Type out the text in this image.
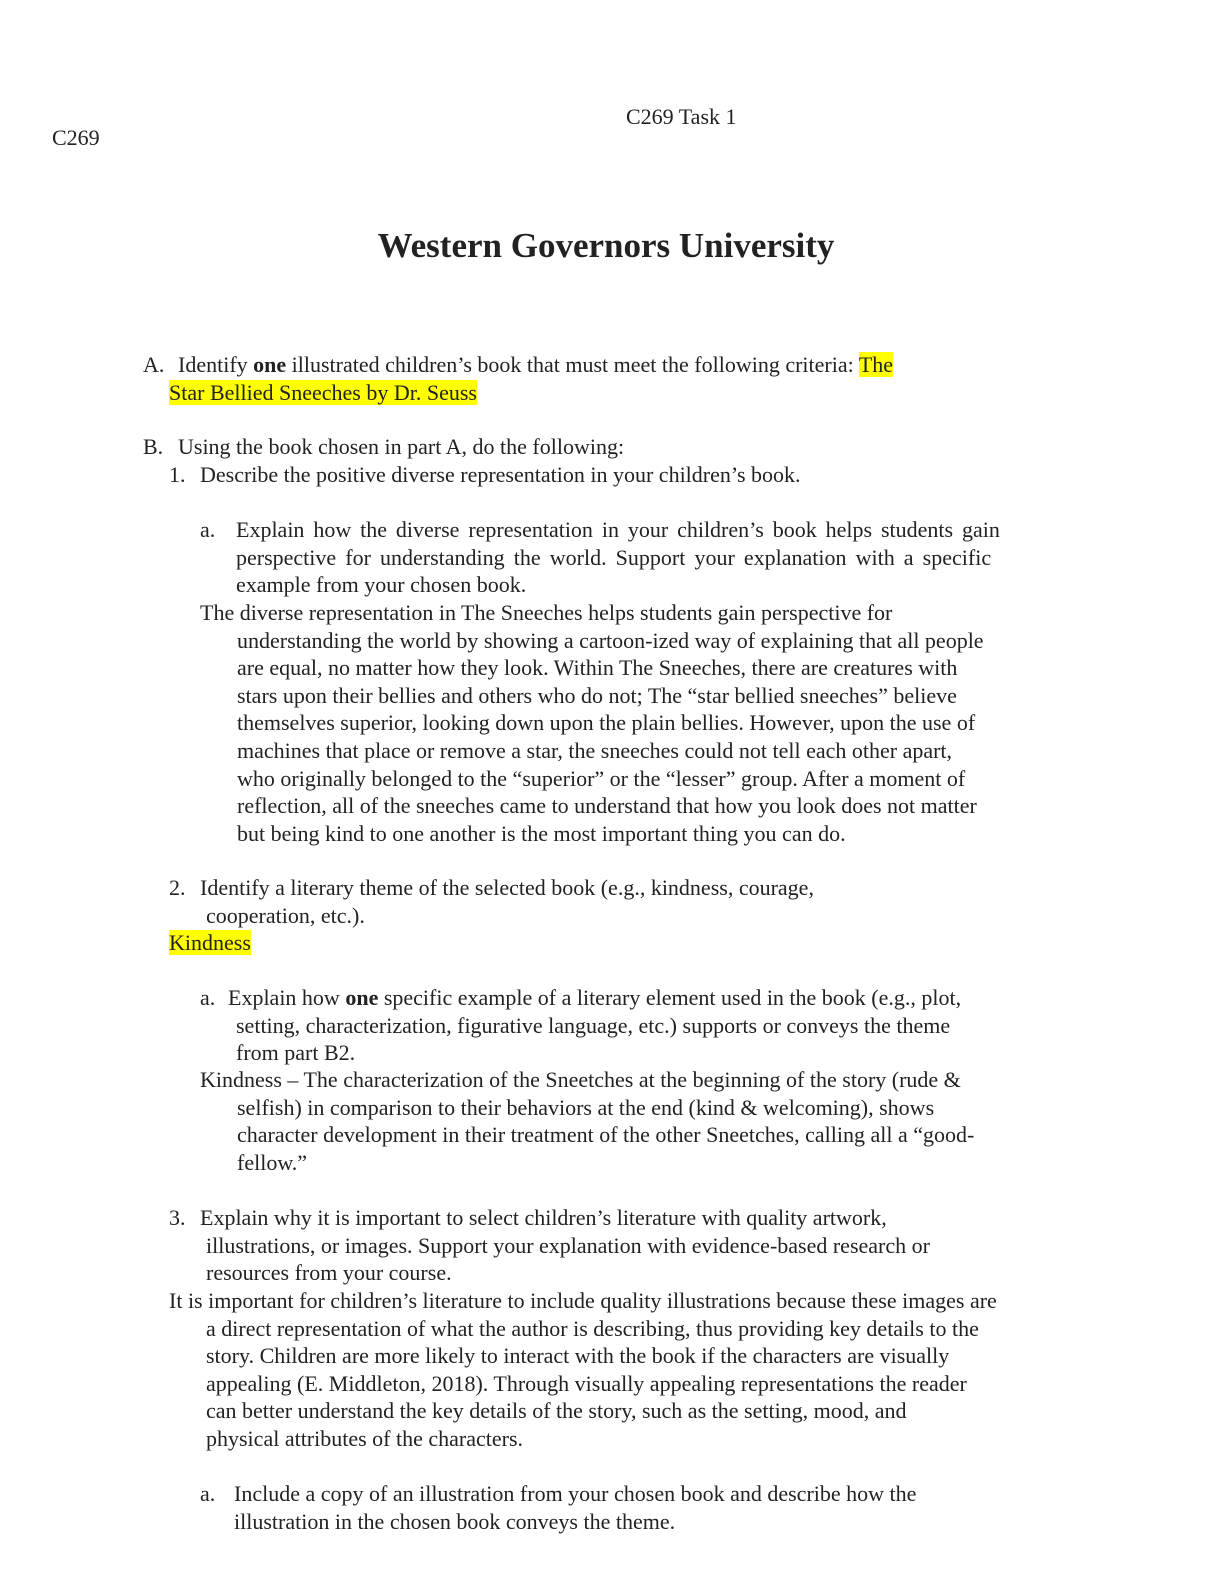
C269
C269 Task 1
Western Governors University
A. Identify one illustrated children’s book that must meet the following criteria: The
Star Bellied Sneeches by Dr. Seuss
B. Using the book chosen in part A, do the following:
1. Describe the positive diverse representation in your children’s book.
a. Explain how the diverse representation in your children’s book helps students gain
perspective for understanding the world. Support your explanation with a specific
example from your chosen book.
The diverse representation in The Sneeches helps students gain perspective for
understanding the world by showing a cartoon-ized way of explaining that all people
are equal, no matter how they look. Within The Sneeches, there are creatures with
stars upon their bellies and others who do not; The “star bellied sneeches” believe
themselves superior, looking down upon the plain bellies. However, upon the use of
machines that place or remove a star, the sneeches could not tell each other apart,
who originally belonged to the “superior” or the “lesser” group. After a moment of
reflection, all of the sneeches came to understand that how you look does not matter
but being kind to one another is the most important thing you can do.
2. Identify a literary theme of the selected book (e.g., kindness, courage,
cooperation, etc.).
Kindness
a. Explain how one specific example of a literary element used in the book (e.g., plot,
setting, characterization, figurative language, etc.) supports or conveys the theme
from part B2.
Kindness – The characterization of the Sneetches at the beginning of the story (rude &
selfish) in comparison to their behaviors at the end (kind & welcoming), shows
character development in their treatment of the other Sneetches, calling all a “good-
fellow.”
3. Explain why it is important to select children’s literature with quality artwork,
illustrations, or images. Support your explanation with evidence-based research or
resources from your course.
It is important for children’s literature to include quality illustrations because these images are
a direct representation of what the author is describing, thus providing key details to the
story. Children are more likely to interact with the book if the characters are visually
appealing (E. Middleton, 2018). Through visually appealing representations the reader
can better understand the key details of the story, such as the setting, mood, and
physical attributes of the characters.
a. Include a copy of an illustration from your chosen book and describe how the
illustration in the chosen book conveys the theme.
